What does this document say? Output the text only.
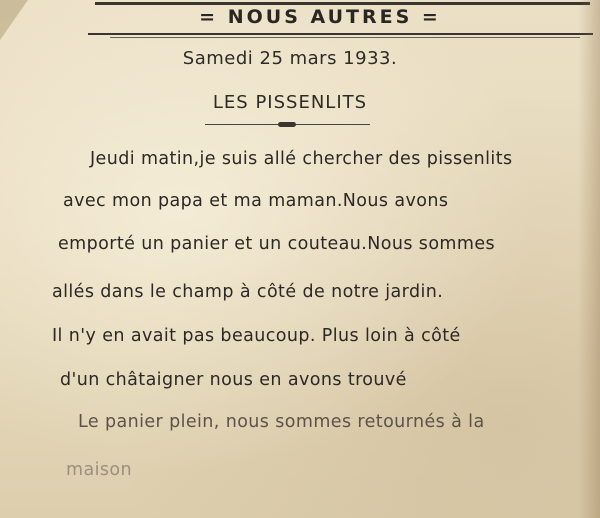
= NOUS AUTRES =
Samedi 25 mars 1933.
LES PISSENLITS
Jeudi matin,je suis allé chercher des pissenlits
avec mon papa et ma maman.Nous avons
emporté un panier et un couteau.Nous sommes
allés dans le champ à côté de notre jardin.
Il n'y en avait pas beaucoup. Plus loin à côté
d'un châtaigner nous en avons trouvé
Le panier plein, nous sommes retournés à la
maison
